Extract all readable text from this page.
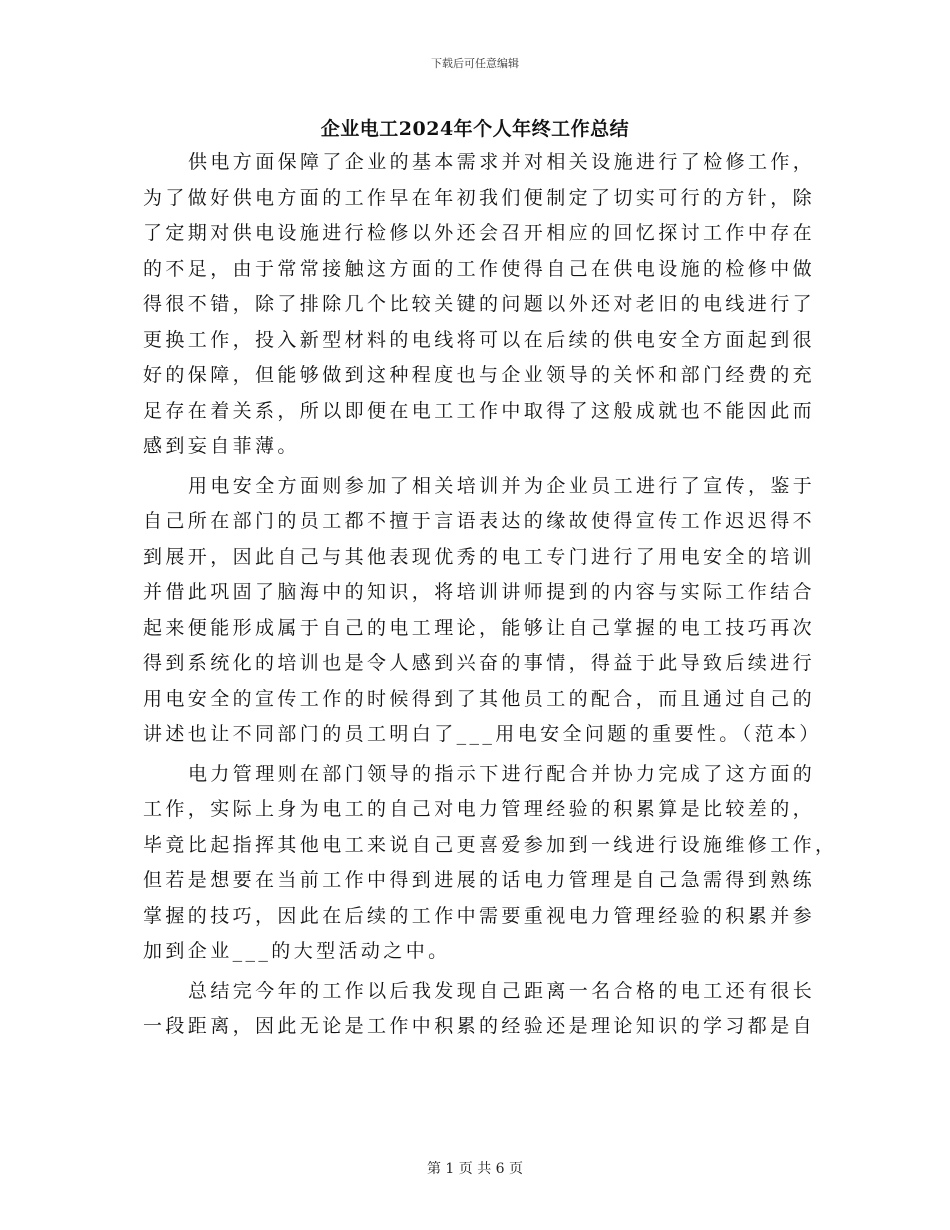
下载后可任意编辑
企业电工2024年个人年终工作总结
供电方面保障了企业的基本需求并对相关设施进行了检修工作，
为了做好供电方面的工作早在年初我们便制定了切实可行的方针，除
了定期对供电设施进行检修以外还会召开相应的回忆探讨工作中存在
的不足，由于常常接触这方面的工作使得自己在供电设施的检修中做
得很不错，除了排除几个比较关键的问题以外还对老旧的电线进行了
更换工作，投入新型材料的电线将可以在后续的供电安全方面起到很
好的保障，但能够做到这种程度也与企业领导的关怀和部门经费的充
足存在着关系，所以即便在电工工作中取得了这般成就也不能因此而
感到妄自菲薄。
用电安全方面则参加了相关培训并为企业员工进行了宣传，鉴于
自己所在部门的员工都不擅于言语表达的缘故使得宣传工作迟迟得不
到展开，因此自己与其他表现优秀的电工专门进行了用电安全的培训
并借此巩固了脑海中的知识，将培训讲师提到的内容与实际工作结合
起来便能形成属于自己的电工理论，能够让自己掌握的电工技巧再次
得到系统化的培训也是令人感到兴奋的事情，得益于此导致后续进行
用电安全的宣传工作的时候得到了其他员工的配合，而且通过自己的
讲述也让不同部门的员工明白了___用电安全问题的重要性。（范本）
电力管理则在部门领导的指示下进行配合并协力完成了这方面的
工作，实际上身为电工的自己对电力管理经验的积累算是比较差的，
毕竟比起指挥其他电工来说自己更喜爱参加到一线进行设施维修工作，
但若是想要在当前工作中得到进展的话电力管理是自己急需得到熟练
掌握的技巧，因此在后续的工作中需要重视电力管理经验的积累并参
加到企业___的大型活动之中。
总结完今年的工作以后我发现自己距离一名合格的电工还有很长
一段距离，因此无论是工作中积累的经验还是理论知识的学习都是自
第 1 页 共 6 页
